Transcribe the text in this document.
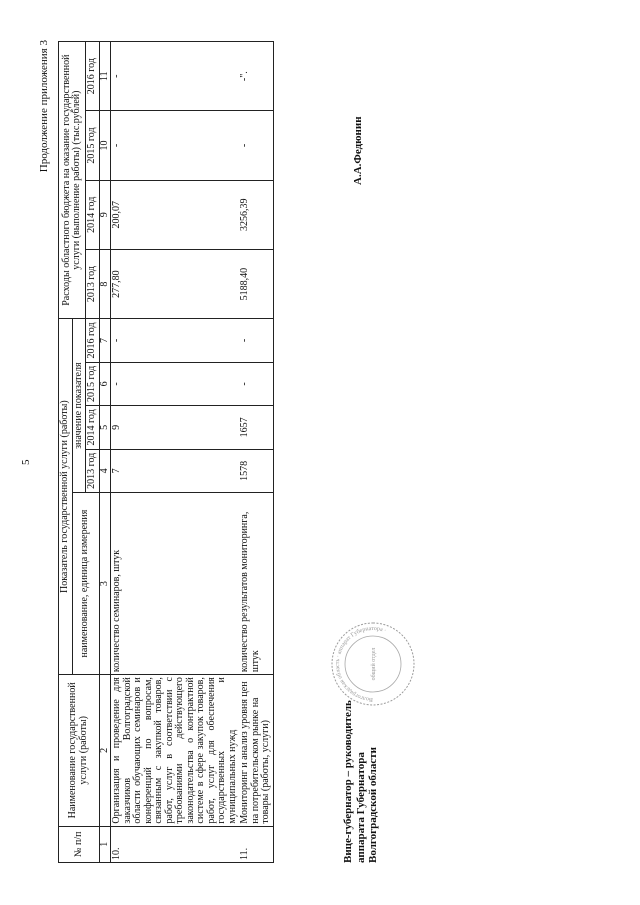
5
Продолжение приложения 3
№ п/п	Наименование государственной услуги (работы)	Показатель государственной услуги (работы)					Расходы областного бюджета на оказание государственной услуги (выполнение работы) (тыс.рублей)			
		наименование, единица измерения	значение показателя							
			2013 год	2014 год	2015 год	2016 год	2013 год	2014 год	2015 год	2016 год
1	2	3	4	5	6	7	8	9	10	11
10.	Организация и проведение для заказчиков Волгоградской области обучающих семинаров и конференций по вопросам, связанным с закупкой товаров, работ, услуг в соответствии с требованиями действующего законодательства о контрактной системе в сфере закупок товаров, работ, услуг для обеспечения государственных и муниципальных нужд	количество семинаров, штук	7	9	-	-	277,80	200,07	-	-
11.	Мониторинг и анализ уровня цен на потребительском рынке на товары (работы, услуги)	количество результатов мониторинга, штук	1578	1657	-	-	5188,40	3256,39	-	-".
Вице-губернатор – руководитель аппарата Губернатора Волгоградской области
Волгоградская область ∙ аппарат Губернатора ∙
общий отдел
А.А.Федюнин
